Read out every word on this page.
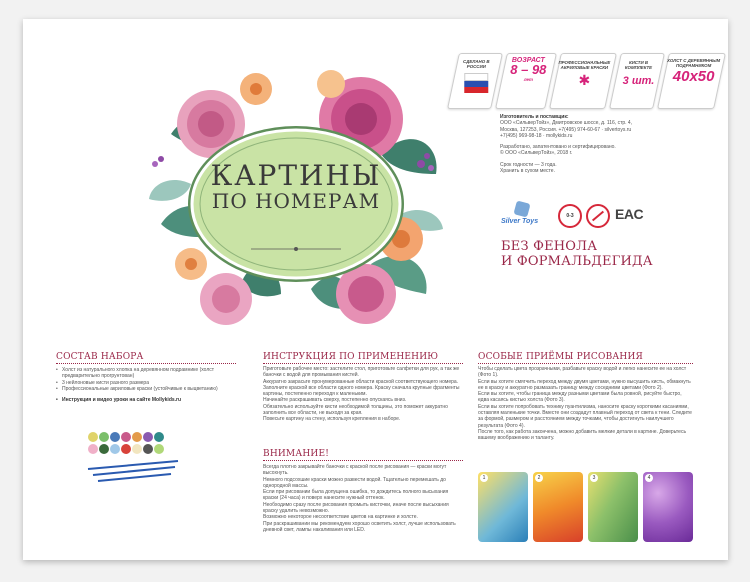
КАРТИНЫ
ПО НОМЕРАМ
СДЕЛАНО В РОССИИ
ВОЗРАСТ
8 – 98
лет
ПРОФЕССИОНАЛЬНЫЕ АКРИЛОВЫЕ КРАСКИ
✱
КИСТИ В КОМПЛЕКТЕ
3 шт.
ХОЛСТ С ДЕРЕВЯННЫМ ПОДРАМНИКОМ
40х50
Изготовитель и поставщик:
ООО «СильверТойз», Дмитровское шоссе, д. 116, стр. 4,
Москва, 127253, Россия. +7(495) 974-60-67 · silvertoys.ru
+7(495) 969-98-18 · mollykids.ru
Разработано, запатентовано и сертифицировано.
© ООО «СильверТойз», 2018 г.
Срок годности — 3 года.
Хранить в сухом месте.
Silver Toys
0-3	EAC
БЕЗ ФЕНОЛА
И ФОРМАЛЬДЕГИДА
СОСТАВ НАБОРА
• Холст из натурального хлопка на деревянном подрамнике (холст предварительно прогрунтован)
• 3 нейлоновые кисти разного размера
• Профессиональные акриловые краски (устойчивые к выцветанию)
• Инструкция и видео уроки на сайте Mollykids.ru
ИНСТРУКЦИЯ ПО ПРИМЕНЕНИЮ
Приготовьте рабочее место: застелите стол, приготовьте салфетки для рук, а так же баночки с водой для промывания кистей.
Аккуратно закрасьте пронумерованные области краской соответствующего номера.
Заполните краской все области одного номера. Краску сначала крупные фрагменты картины, постепенно переходя к маленьким.
Начинайте раскрашивать сверху, постепенно опускаясь вниз.
Обязательно используйте кисти необходимой толщины, это поможет аккуратно заполнить все области, не выходя за края.
Повесьте картину на стену, используя крепления в наборе.
ВНИМАНИЕ!
Всегда плотно закрывайте баночки с краской после рисования — краски могут высохнуть.
Немного подсохшие краски можно развести водой. Тщательно перемешать до однородной массы.
Если при рисовании была допущена ошибка, то дождитесь полного высыхания краски (24 часа) и поверх нанесите нужный оттенок.
Необходимо сразу после рисования промыть кисточки, иначе после высыхания краску удалить невозможно.
Возможно некоторое несоответствие цветов на картинке и холсте.
При раскрашивании мы рекомендуем хорошо осветить холст, лучше использовать дневной свет, лампы накаливания или LED.
ОСОБЫЕ ПРИЁМЫ РИСОВАНИЯ
Чтобы сделать цвета прозрачными, разбавьте краску водой и легко нанесите ее на холст (Фото 1).
Если вы хотите смягчить переход между двумя цветами, нужно высушить кисть, обмакнуть ее в краску и аккуратно размазать границу между соседними цветами (Фото 2).
Если вы хотите, чтобы граница между разными цветами была ровной, рисуйте быстро, едва касаясь кистью холста (Фото 3).
Если вы хотите попробовать технику пуантилизма, наносите краску короткими касаниями, оставляя маленькие точки. Вместе они создадут плавный переход от света к тени. Следите за формой, размером и расстоянием между точками, чтобы достигнуть наилучшего результата (Фото 4).
После того, как работа закончена, можно добавить мелкие детали в картине. Доверьтесь вашему воображению и таланту.
1	2	3	4
